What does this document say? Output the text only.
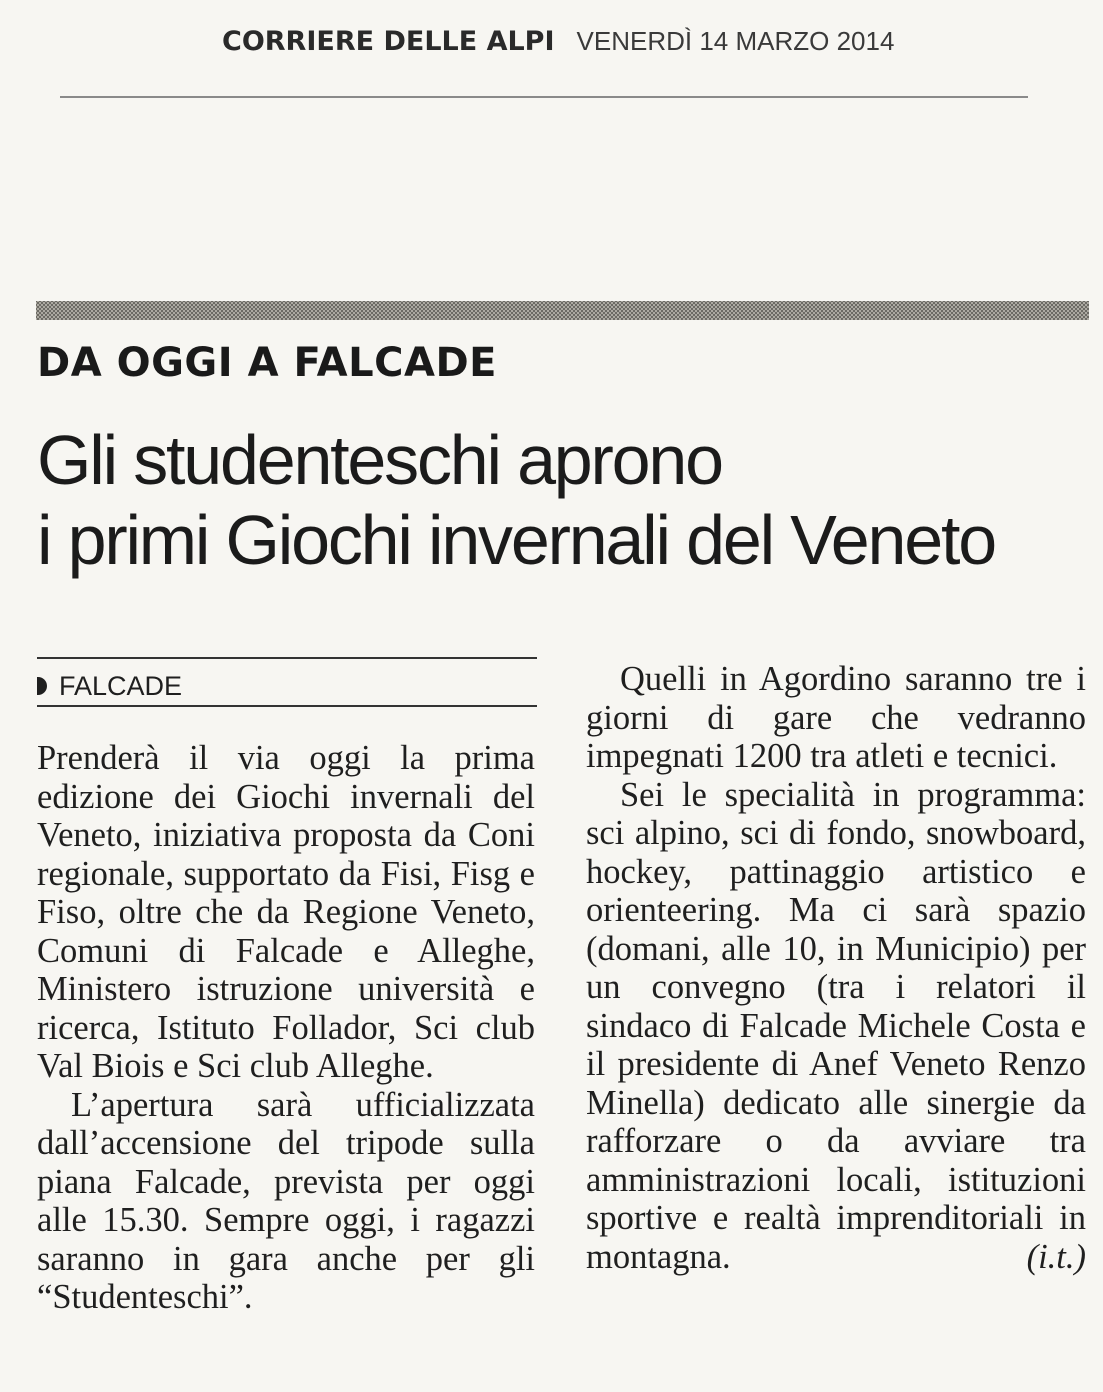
CORRIERE DELLE ALPI VENERDÌ 14 MARZO 2014
DA OGGI A FALCADE
Gli studenteschi aprono
i primi Giochi invernali del Veneto
FALCADE

Prenderà il via oggi la prima edizione dei Giochi invernali del Veneto, iniziativa proposta da Coni regionale, supportato da Fisi, Fisg e Fiso, oltre che da Regione Veneto, Comuni di Falcade e Alleghe, Ministero istruzione università e ricerca, Istituto Follador, Sci club Val Biois e Sci club Alleghe.

L’apertura sarà ufficializzata dall’accensione del tripode sulla piana Falcade, prevista per oggi alle 15.30. Sempre oggi, i ragazzi saranno in gara anche per gli “Studenteschi”.

Quelli in Agordino saranno tre i giorni di gare che vedranno impegnati 1200 tra atleti e tecnici.

Sei le specialità in programma: sci alpino, sci di fondo, snowboard, hockey, pattinaggio artistico e orienteering. Ma ci sarà spazio (domani, alle 10, in Municipio) per un convegno (tra i relatori il sindaco di Falcade Michele Costa e il presidente di Anef Veneto Renzo Minella) dedicato alle sinergie da rafforzare o da avviare tra amministrazioni locali, istituzioni sportive e realtà imprenditoriali in montagna.	(i.t.)
